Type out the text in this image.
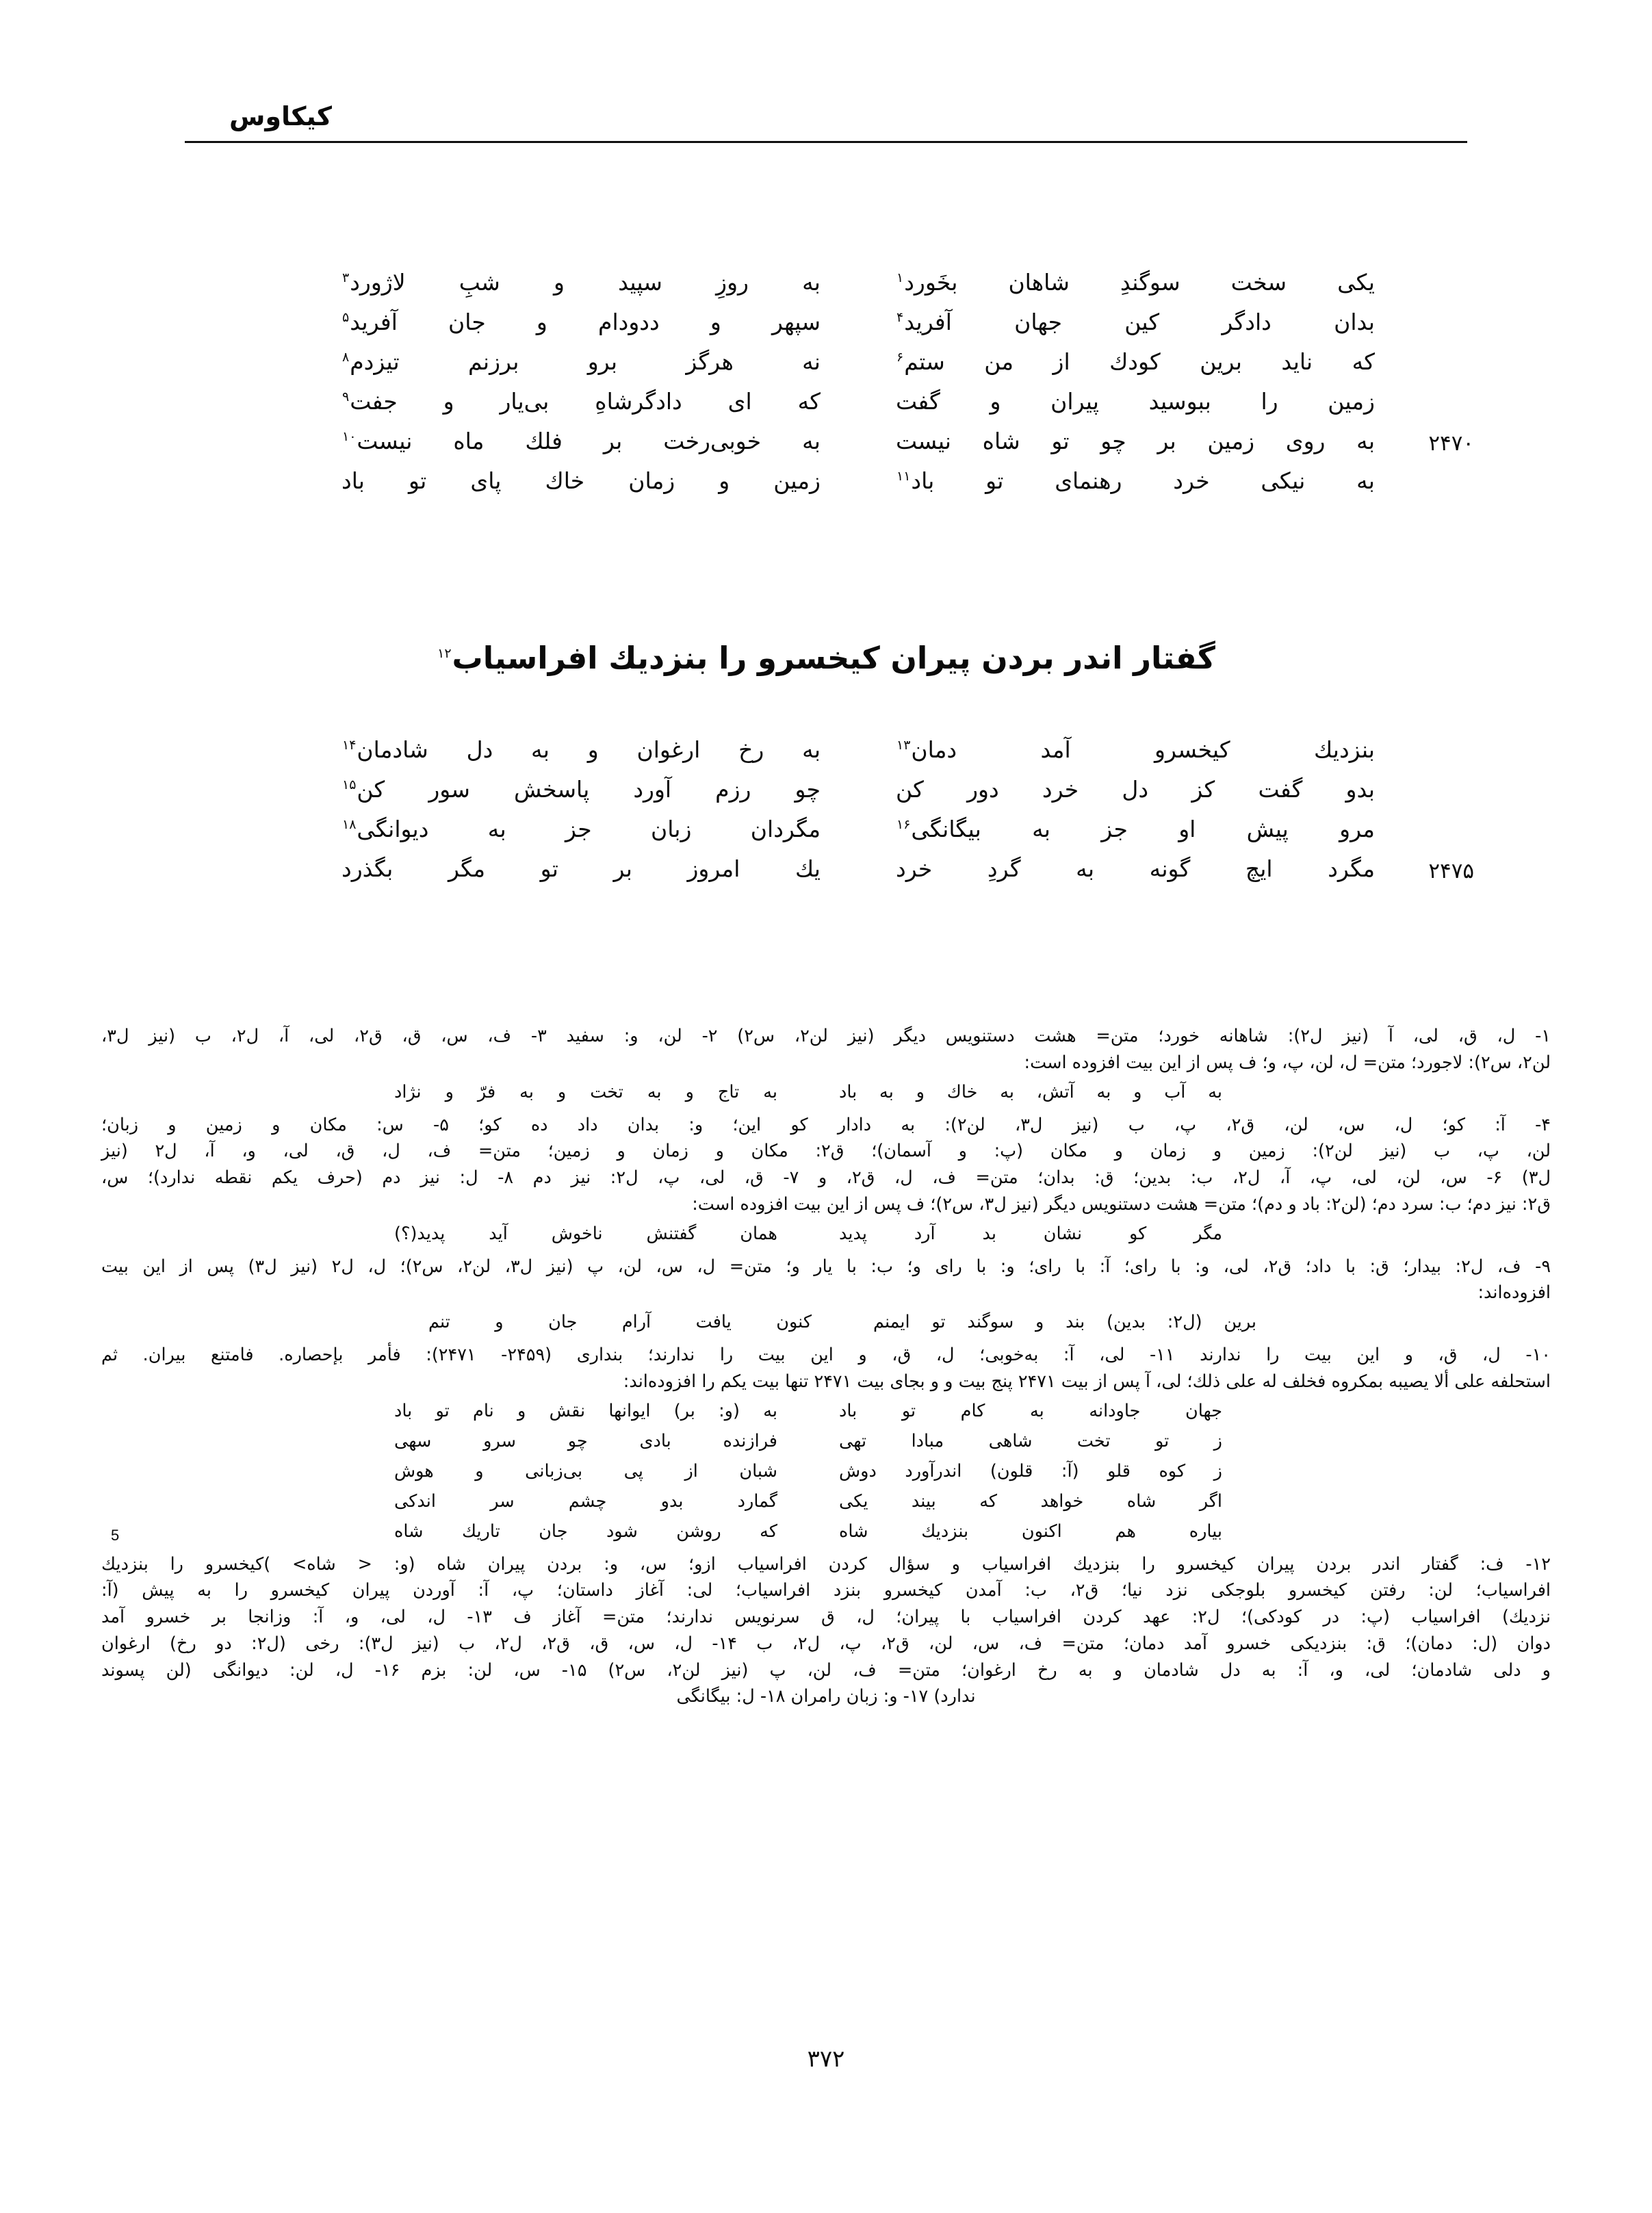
کیکاوس
یکی سخت سوگندِ شاهان بخَورد$^۱$
به روزِ سپید و شبِ لاژورد$^۳$
بدان دادگر کین جهان آفرید$^۴$
سپهر و ددودام و جان آفرید$^۵$
که ناید برین کودك از من ستم$^۶$
نه هرگز برو برزنم تیزدم$^۸$
زمین را ببوسید پیران و گفت
که ای دادگرشاهِ بی‌یار و جفت$^۹$
۲۴۷۰
به روی زمین بر چو تو شاه نیست
به خوبی‌رخت بر فلك ماه نیست$^{۱۰}$
به نیکی خرد رهنمای تو باد$^{۱۱}$
زمین و زمان خاك پای تو باد
گفتار اندر بردن پیران کیخسرو را بنزدیك افراسیاب$^{۱۲}$
بنزدیك کیخسرو آمد دمان$^{۱۳}$
به رخ ارغوان و به دل شادمان$^{۱۴}$
بدو گفت کز دل خرد دور کن
چو رزم آورد پاسخش سور کن$^{۱۵}$
مرو پیش او جز به بیگانگی$^{۱۶}$
مگردان زبان جز به دیوانگی$^{۱۸}$
۲۴۷۵
مگرد ایچ گونه به گردِ خرد
یك امروز بر تو مگر بگذرد
۱- ل، ق، لی، آ (نیز ل۲): شاهانه خورد؛ متن= هشت دستنویس دیگر (نیز لن۲، س۲) ۲- لن، و: سفید ۳- ف، س، ق، ق۲، لی، آ، ل۲، ب (نیز ل۳،
لن۲، س۲): لاجورد؛ متن= ل، لن، پ، و؛ ف پس از این بیت افزوده است:
به آب و به آتش، به خاك و به باد
به تاج و به تخت و به فرّ و نژاد
۴- آ: کو؛ ل، س، لن، ق۲، پ، ب (نیز ل۳، لن۲): به دادار کو این؛ و: بدان داد ده کو؛ ۵- س: مکان و زمین و زبان؛
لن، پ، ب (نیز لن۲): زمین و زمان و مکان (پ: و آسمان)؛ ق۲: مکان و زمان و زمین؛ متن= ف، ل، ق، لی، و، آ، ل۲ (نیز
ل۳) ۶- س، لن، لی، پ، آ، ل۲، ب: بدین؛ ق: بدان؛ متن= ف، ل، ق۲، و ۷- ق، لی، پ، ل۲: نیز دم ۸- ل: نیز دم (حرف یکم نقطه ندارد)؛ س،
ق۲: نیز دم؛ ب: سرد دم؛ (لن۲: باد و دم)؛ متن= هشت دستنویس دیگر (نیز ل۳، س۲)؛ ف پس از این بیت افزوده است:
مگر کو نشان بد آرد پدید
همان گفتنش ناخوش آید پدید(؟)
۹- ف، ل۲: بیدار؛ ق: با داد؛ ق۲، لی، و: با رای؛ آ: با رای؛ و: با رای و؛ ب: با یار و؛ متن= ل، س، لن، پ (نیز ل۳، لن۲، س۲)؛ ل، ل۲ (نیز ل۳) پس از این بیت
افزوده‌اند:
برین (ل۲: بدین) بند و سوگند تو ایمنم
کنون یافت آرام جان و تنم
۱۰- ل، ق، و این بیت را ندارند ۱۱- لی، آ: به‌خوبی؛ ل، ق، و این بیت را ندارند؛ بنداری (۲۴۵۹- ۲۴۷۱): فأمر بإحصاره. فامتنع بیران. ثم
استحلفه علی ألا یصیبه بمکروه فخلف له علی ذلك؛ لی، آ پس از بیت ۲۴۷۱ پنج بیت و و بجای بیت ۲۴۷۱ تنها بیت یکم را افزوده‌اند:
جهان جاودانه به کام تو باد
به (و: بر) ایوانها نقش و نام تو باد
ز تو تخت شاهی مبادا تهی
فرازنده بادی چو سرو سهی
ز کوه قلو (آ: قلون) اندرآورد دوش
شبان از پی بی‌زبانی و هوش
اگر شاه خواهد که بیند یکی
گمارد بدو چشم سر اندکی
بیاره هم اکنون بنزدیك شاه
که روشن شود جان تاریك شاه
5
۱۲- ف: گفتار اندر بردن پیران کیخسرو را بنزدیك افراسیاب و سؤال کردن افراسیاب ازو؛ س، و: بردن پیران شاه (و: < شاه> )کیخسرو را بنزدیك
افراسیاب؛ لن: رفتن کیخسرو بلوجکی نزد نیا؛ ق۲، ب: آمدن کیخسرو بنزد افراسیاب؛ لی: آغاز داستان؛ پ، آ: آوردن پیران کیخسرو را به پیش (آ:
نزدیك) افراسیاب (پ: در کودکی)؛ ل۲: عهد کردن افراسیاب با پیران؛ ل، ق سرنویس ندارند؛ متن= آغاز ف ۱۳- ل، لی، و، آ: وزانجا بر خسرو آمد
دوان (ل: دمان)؛ ق: بنزدیکی خسرو آمد دمان؛ متن= ف، س، لن، ق۲، پ، ل۲، ب ۱۴- ل، س، ق، ق۲، ل۲، ب (نیز ل۳): رخی (ل۲: دو رخ) ارغوان
و دلی شادمان؛ لی، و، آ: به دل شادمان و به رخ ارغوان؛ متن= ف، لن، پ (نیز لن۲، س۲) ۱۵- س، لن: بزم ۱۶- ل، لن: دیوانگی (لن پسوند
ندارد) ۱۷- و: زبان رامران ۱۸- ل: بیگانگی
۳۷۲
